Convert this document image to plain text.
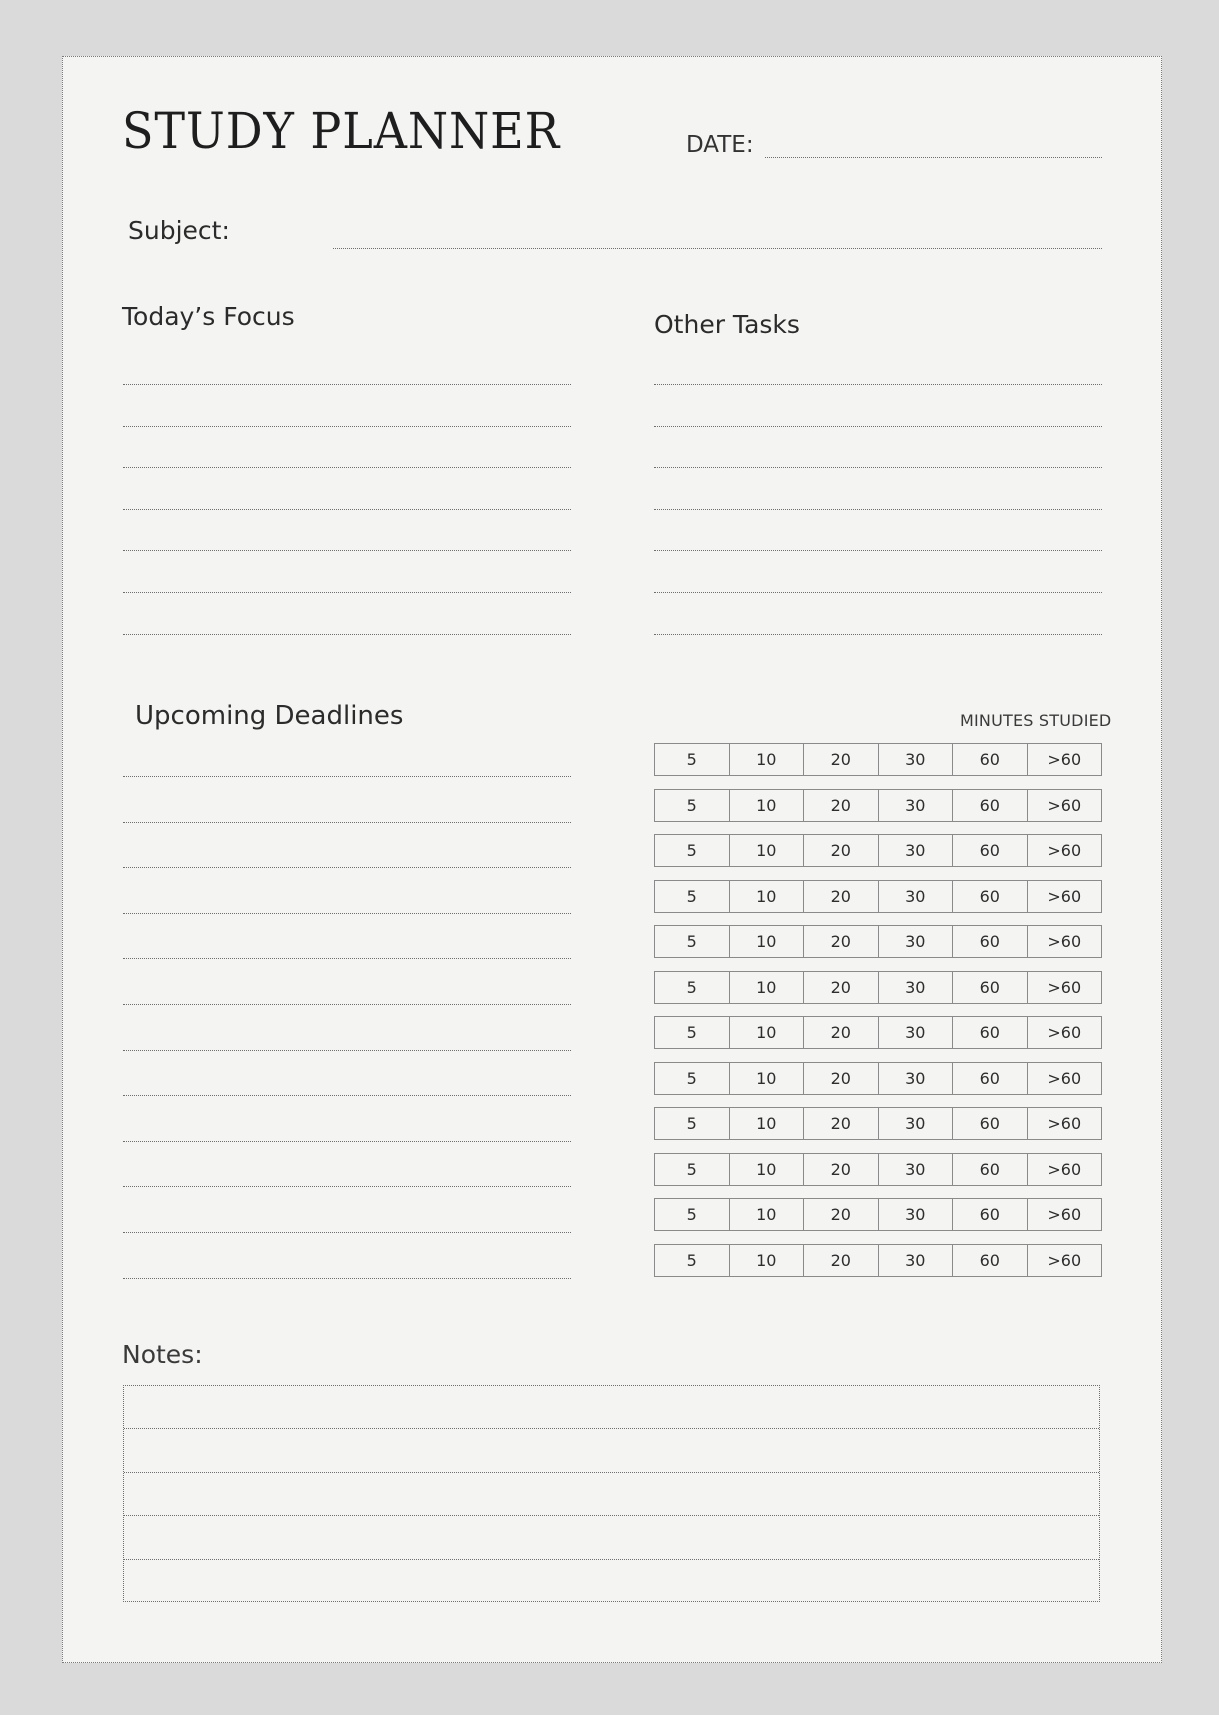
STUDY PLANNER	DATE:
Subject:
Today’s Focus	Other Tasks
Upcoming Deadlines	MINUTES STUDIED
5	10	20	30	60	>60
5	10	20	30	60	>60
5	10	20	30	60	>60
5	10	20	30	60	>60
5	10	20	30	60	>60
5	10	20	30	60	>60
5	10	20	30	60	>60
5	10	20	30	60	>60
5	10	20	30	60	>60
5	10	20	30	60	>60
5	10	20	30	60	>60
5	10	20	30	60	>60
Notes:
